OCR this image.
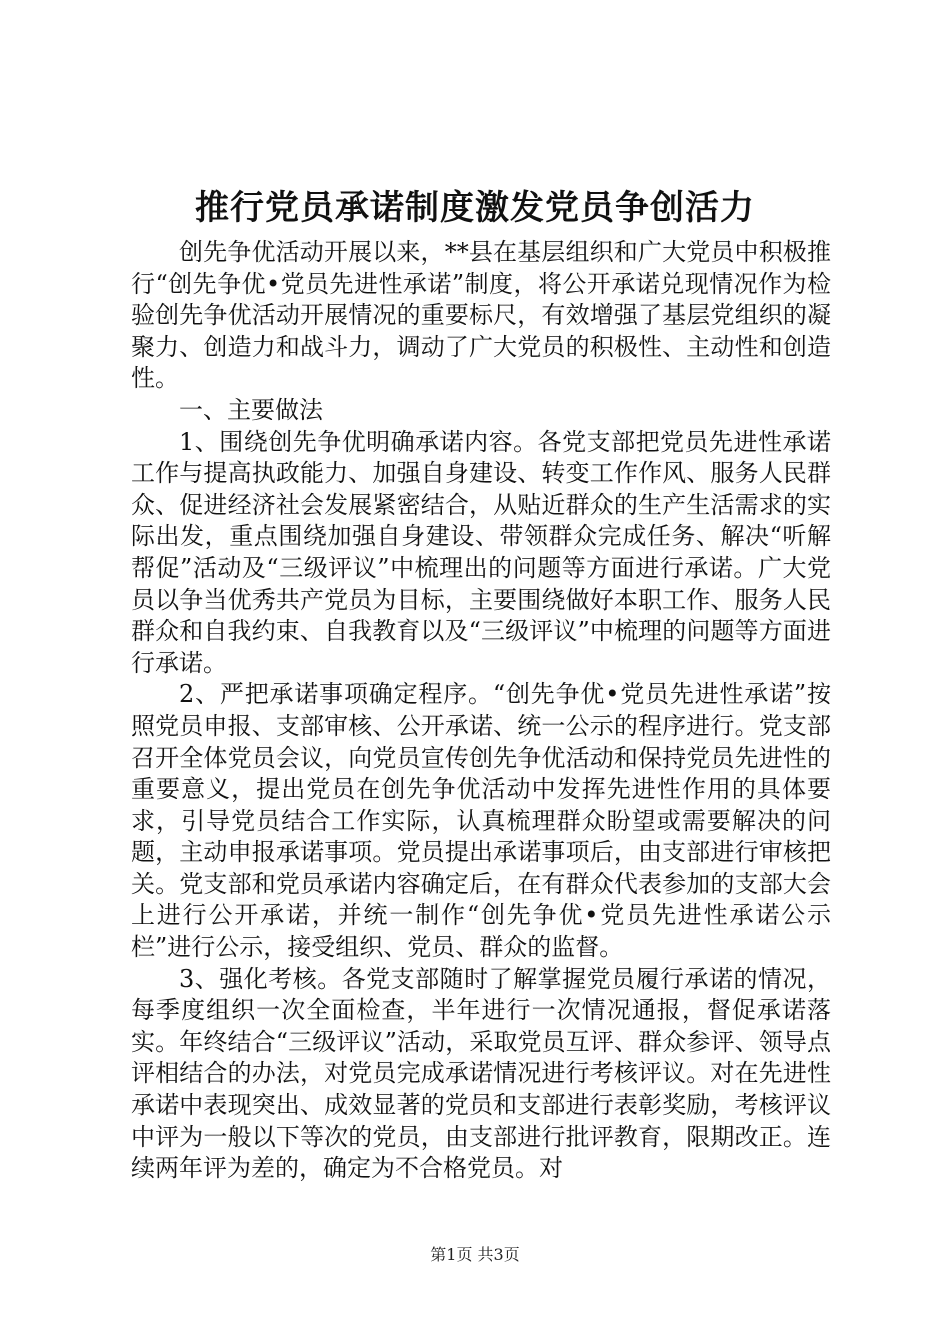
推行党员承诺制度激发党员争创活力

创先争优活动开展以来，**县在基层组织和广大党员中积极推行“创先争优•党员先进性承诺”制度，将公开承诺兑现情况作为检验创先争优活动开展情况的重要标尺，有效增强了基层党组织的凝聚力、创造力和战斗力，调动了广大党员的积极性、主动性和创造性。

一、主要做法

1、围绕创先争优明确承诺内容。各党支部把党员先进性承诺工作与提高执政能力、加强自身建设、转变工作作风、服务人民群众、促进经济社会发展紧密结合，从贴近群众的生产生活需求的实际出发，重点围绕加强自身建设、带领群众完成任务、解决“听解帮促”活动及“三级评议”中梳理出的问题等方面进行承诺。广大党员以争当优秀共产党员为目标，主要围绕做好本职工作、服务人民群众和自我约束、自我教育以及“三级评议”中梳理的问题等方面进行承诺。

2、严把承诺事项确定程序。“创先争优•党员先进性承诺”按照党员申报、支部审核、公开承诺、统一公示的程序进行。党支部召开全体党员会议，向党员宣传创先争优活动和保持党员先进性的重要意义，提出党员在创先争优活动中发挥先进性作用的具体要求，引导党员结合工作实际，认真梳理群众盼望或需要解决的问题，主动申报承诺事项。党员提出承诺事项后，由支部进行审核把关。党支部和党员承诺内容确定后，在有群众代表参加的支部大会上进行公开承诺，并统一制作“创先争优•党员先进性承诺公示栏”进行公示，接受组织、党员、群众的监督。

3、强化考核。各党支部随时了解掌握党员履行承诺的情况，每季度组织一次全面检查，半年进行一次情况通报，督促承诺落实。年终结合“三级评议”活动，采取党员互评、群众参评、领导点评相结合的办法，对党员完成承诺情况进行考核评议。对在先进性承诺中表现突出、成效显著的党员和支部进行表彰奖励，考核评议中评为一般以下等次的党员，由支部进行批评教育，限期改正。连续两年评为差的，确定为不合格党员。对

第1页 共3页
